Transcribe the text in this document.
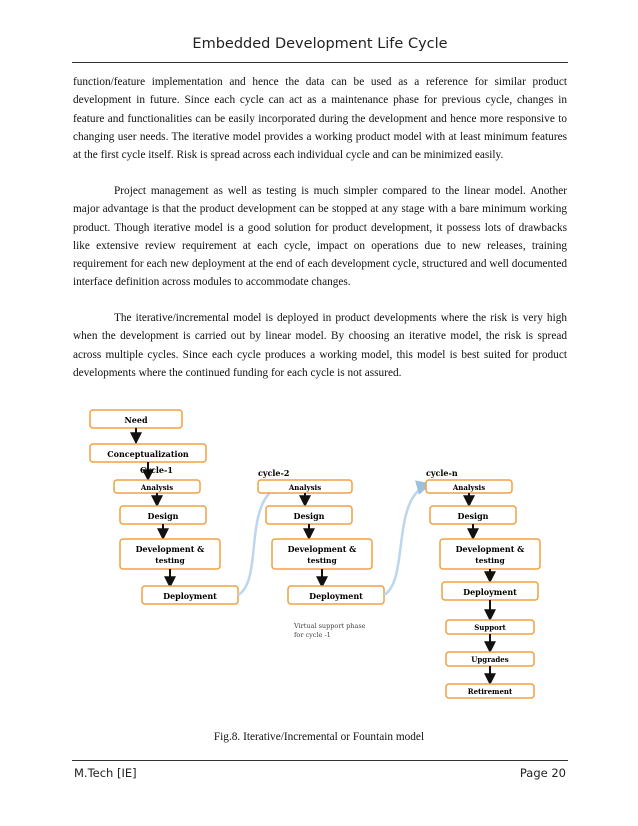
Embedded Development Life Cycle
function/feature implementation and hence the data can be used as a reference for similar product development in future. Since each cycle can act as a maintenance phase for previous cycle, changes in feature and functionalities can be easily incorporated during the development and hence more responsive to changing user needs. The iterative model provides a working product model with at least minimum features at the first cycle itself. Risk is spread across each individual cycle and can be minimized easily.
Project management as well as testing is much simpler compared to the linear model. Another major advantage is that the product development can be stopped at any stage with a bare minimum working product. Though iterative model is a good solution for product development, it possess lots of drawbacks like extensive review requirement at each cycle, impact on operations due to new releases, training requirement for each new deployment at the end of each development cycle, structured and well documented interface definition across modules to accommodate changes.
The iterative/incremental model is deployed in product developments where the risk is very high when the development is carried out by linear model. By choosing an iterative model, the risk is spread across multiple cycles. Since each cycle produces a working model, this model is best suited for product developments where the continued funding for each cycle is not assured.
Need
Conceptualization
Cycle-1
Analysis
Design
Development &
testing
Deployment
cycle-2
Analysis
Design
Development &
testing
Deployment
Virtual support phase
for cycle -1
cycle-n
Analysis
Design
Development &
testing
Deployment
Support
Upgrades
Retirement
Fig.8. Iterative/Incremental or Fountain model
M.Tech [IE]	Page 20
